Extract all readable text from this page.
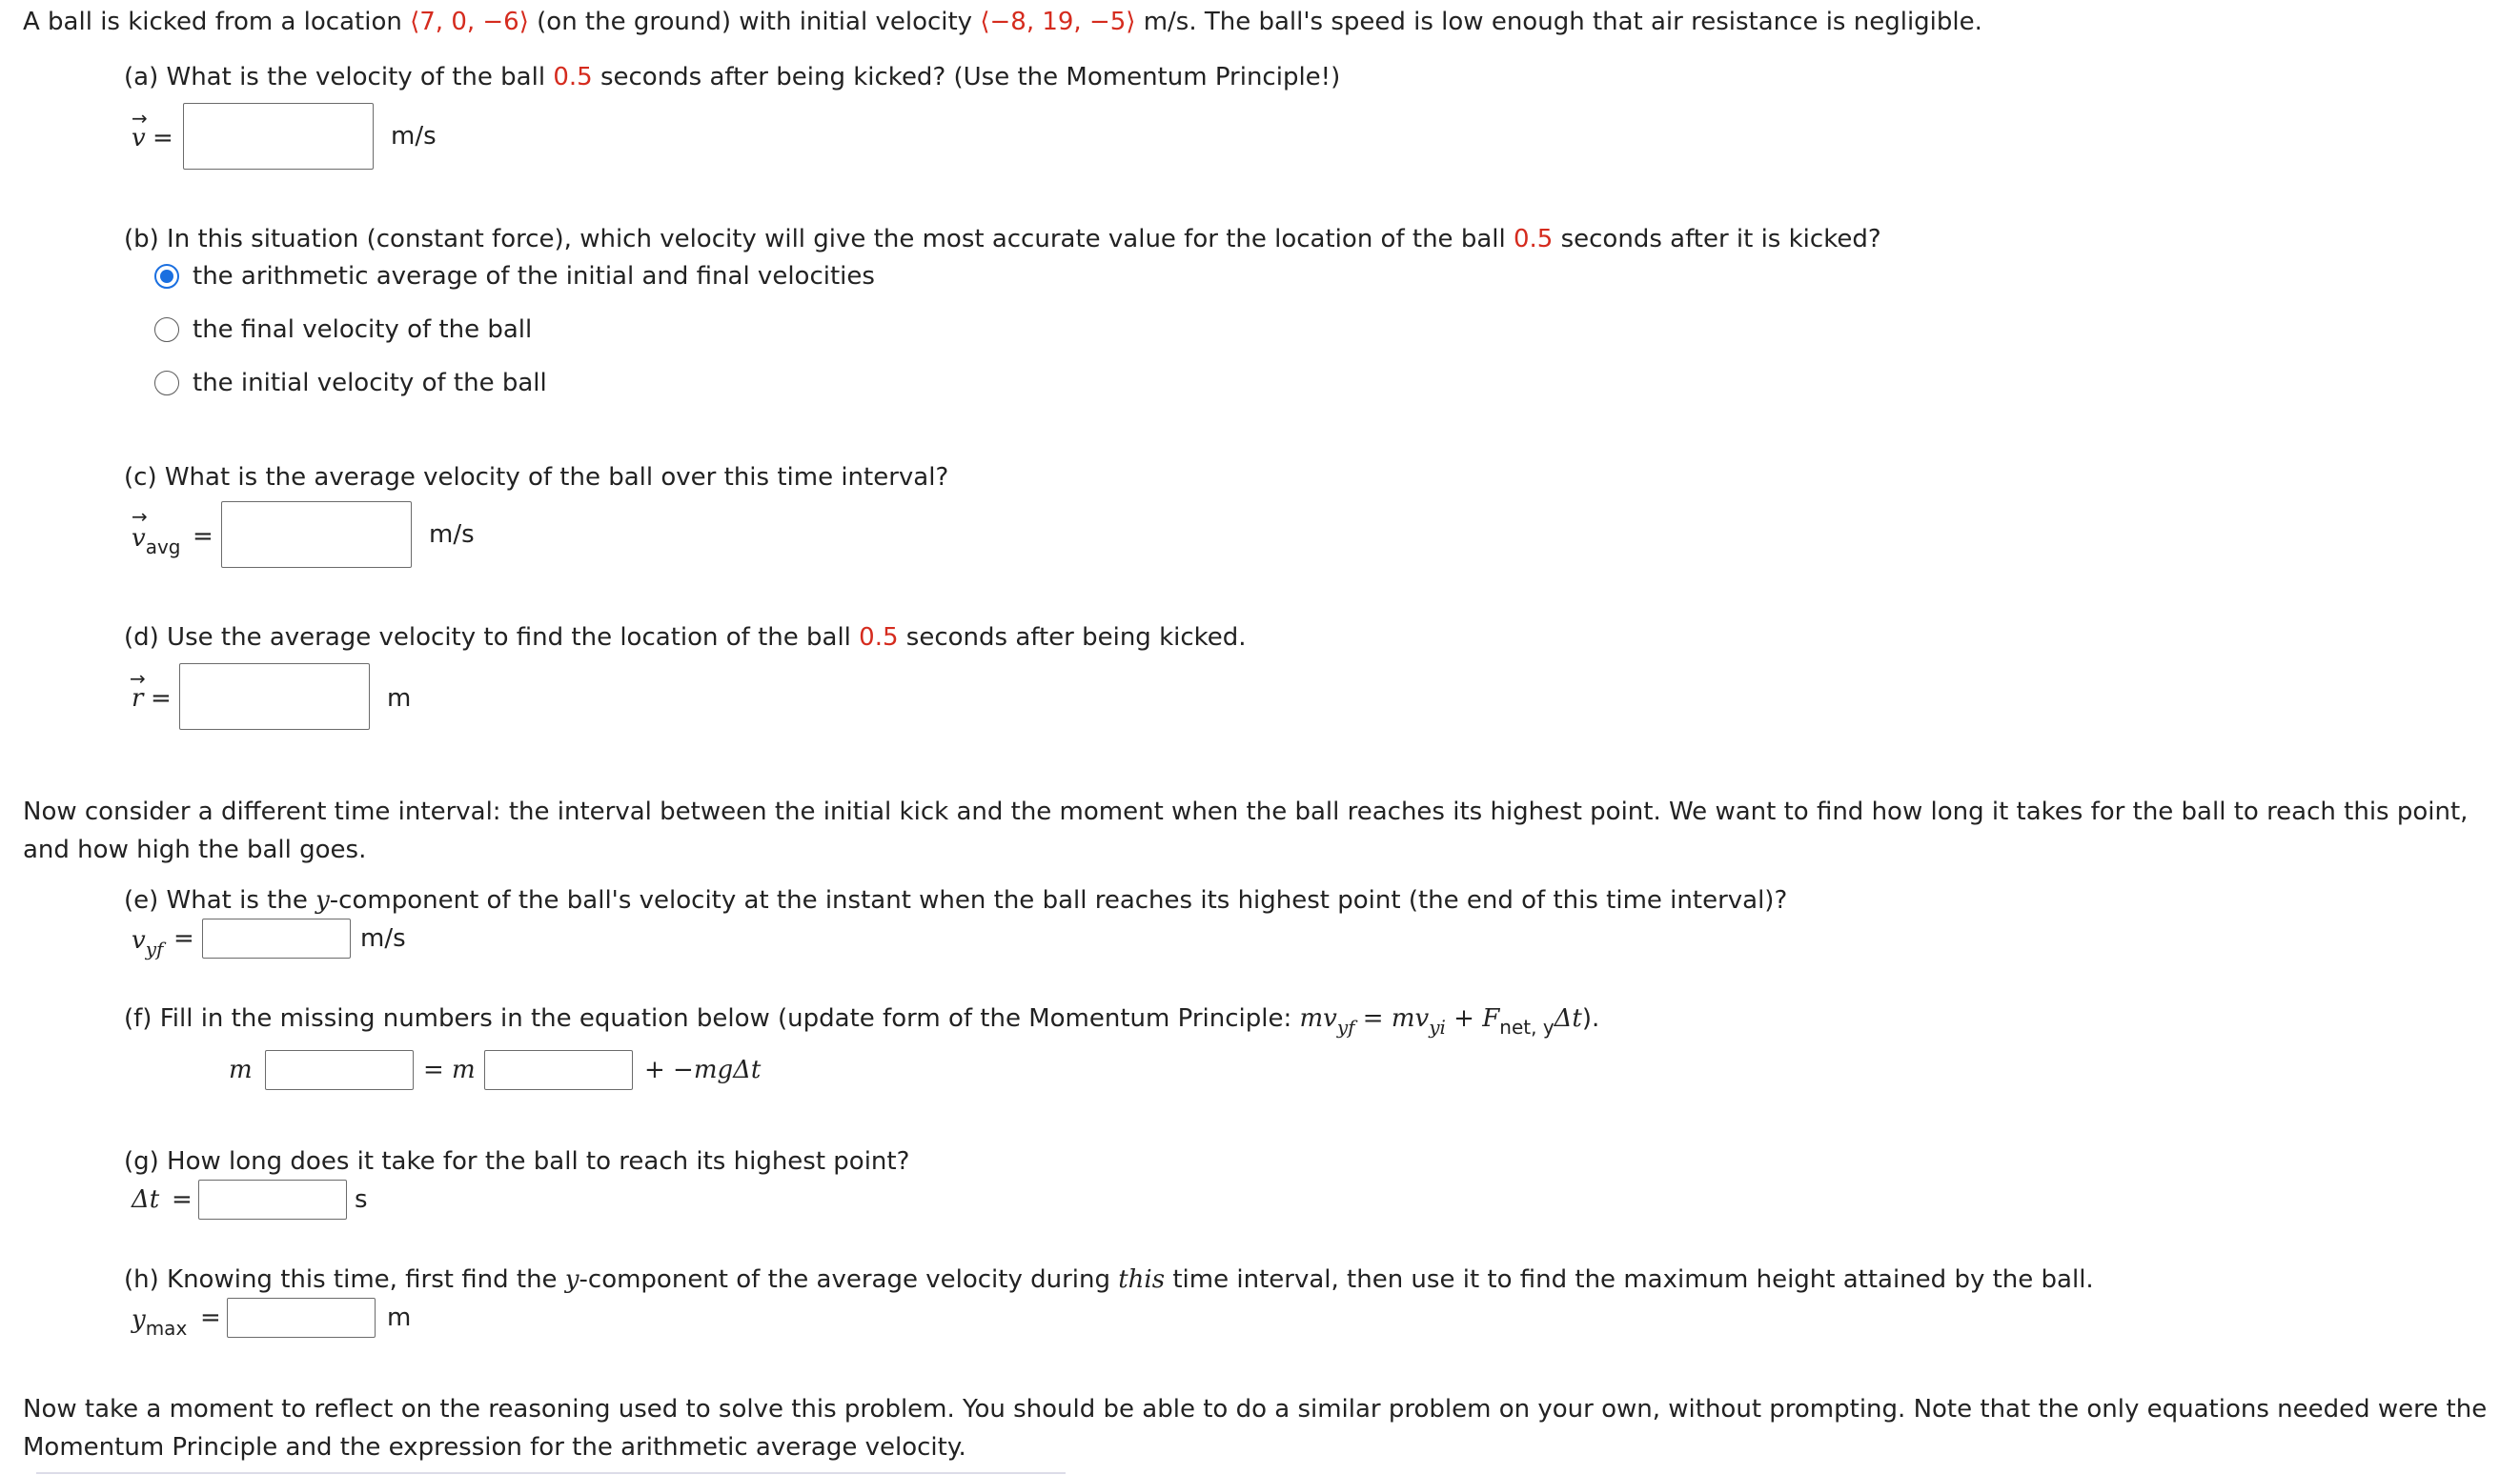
A ball is kicked from a location ⟨7, 0, −6⟩ (on the ground) with initial velocity ⟨−8, 19, −5⟩ m/s. The ball's speed is low enough that air resistance is negligible.
(a) What is the velocity of the ball 0.5 seconds after being kicked? (Use the Momentum Principle!)
→
v =	m/s
(b) In this situation (constant force), which velocity will give the most accurate value for the location of the ball 0.5 seconds after it is kicked?
the arithmetic average of the initial and final velocities
the final velocity of the ball
the initial velocity of the ball
(c) What is the average velocity of the ball over this time interval?
→
$v_{avg}$ =	m/s
(d) Use the average velocity to find the location of the ball 0.5 seconds after being kicked.
→
r =	m
Now consider a different time interval: the interval between the initial kick and the moment when the ball reaches its highest point. We want to find how long it takes for the ball to reach this point,
and how high the ball goes.
(e) What is the y-component of the ball's velocity at the instant when the ball reaches its highest point (the end of this time interval)?
$v_{yf}$ =	m/s
(f) Fill in the missing numbers in the equation below (update form of the Momentum Principle: $mv_{yf} = mv_{yi} + F_{net, y}\Delta t$).
m	= m	+ −mgΔt
(g) How long does it take for the ball to reach its highest point?
Δt =	s
(h) Knowing this time, first find the y-component of the average velocity during this time interval, then use it to find the maximum height attained by the ball.
$y_{max}$ =	m
Now take a moment to reflect on the reasoning used to solve this problem. You should be able to do a similar problem on your own, without prompting. Note that the only equations needed were the
Momentum Principle and the expression for the arithmetic average velocity.
